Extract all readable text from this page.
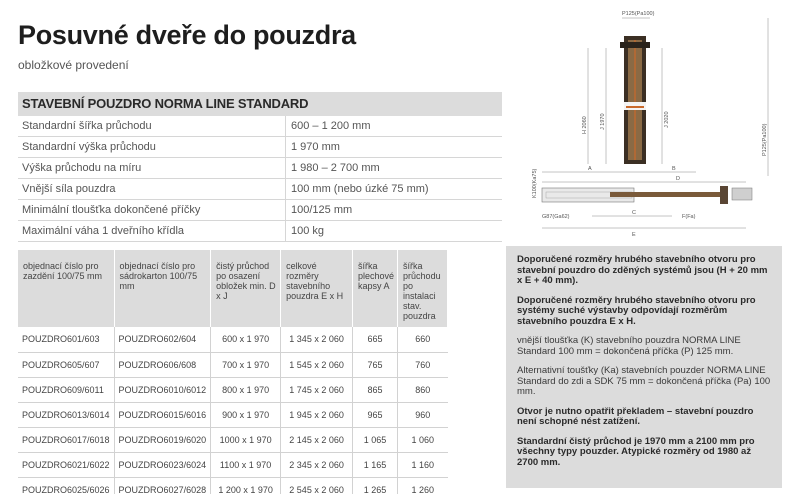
Posuvné dveře do pouzdra
obložkové provedení
STAVEBNÍ POUZDRO NORMA LINE STANDARD
Standardní šířka průchodu	600 – 1 200 mm
Standardní výška průchodu	1 970 mm
Výška průchodu na míru	1 980 – 2 700 mm
Vnější síla pouzdra	100 mm (nebo úzké 75 mm)
Minimální tloušťka dokončené příčky	100/125 mm
Maximální váha 1 dveřního křídla	100 kg
objednací číslo pro zazdění 100/75 mm	objednací číslo pro sádrokarton 100/75 mm	čistý průchod po osazení obložek min. D x J	celkové rozměry stavebního pouzdra E x H	šířka plechové kapsy A	šířka průchodu po instalaci stav. pouzdra
POUZDRO601/603	POUZDRO602/604	600 x 1 970	1 345 x 2 060	665	660
POUZDRO605/607	POUZDRO606/608	700 x 1 970	1 545 x 2 060	765	760
POUZDRO609/6011	POUZDRO6010/6012	800 x 1 970	1 745 x 2 060	865	860
POUZDRO6013/6014	POUZDRO6015/6016	900 x 1 970	1 945 x 2 060	965	960
POUZDRO6017/6018	POUZDRO6019/6020	1000 x 1 970	2 145 x 2 060	1 065	1 060
POUZDRO6021/6022	POUZDRO6023/6024	1100 x 1 970	2 345 x 2 060	1 165	1 160
POUZDRO6025/6026	POUZDRO6027/6028	1 200 x 1 970	2 545 x 2 060	1 265	1 260

Doporučené rozměry hrubého stavebního otvoru pro stavební pouzdro do zděných systémů jsou (H + 20 mm x E + 40 mm).

Doporučené rozměry hrubého stavebního otvoru pro systémy suché výstavby odpovídají rozměrům stavebního pouzdra E x H.

vnější tloušťka (K) stavebního pouzdra NORMA LINE Standard 100 mm = dokončená příčka (P) 125 mm.

Alternativní toušťky (Ka) stavebních pouzder NORMA LINE Standard do zdi a SDK 75 mm = dokončená příčka (Pa) 100 mm.

Otvor je nutno opatřit překladem – stavební pouzdro není schopné nést zatížení.

Standardní čistý průchod je 1970 mm a 2100 mm pro všechny typy pouzder. Atypické rozměry od 1980 až 2700 mm.

P125(Pa100)
H 2060 J 1970	J 2020
P125(Pa100)
A	B
D
K100(Ka75)
G87(Ga62)
C
F(Fa)
E
